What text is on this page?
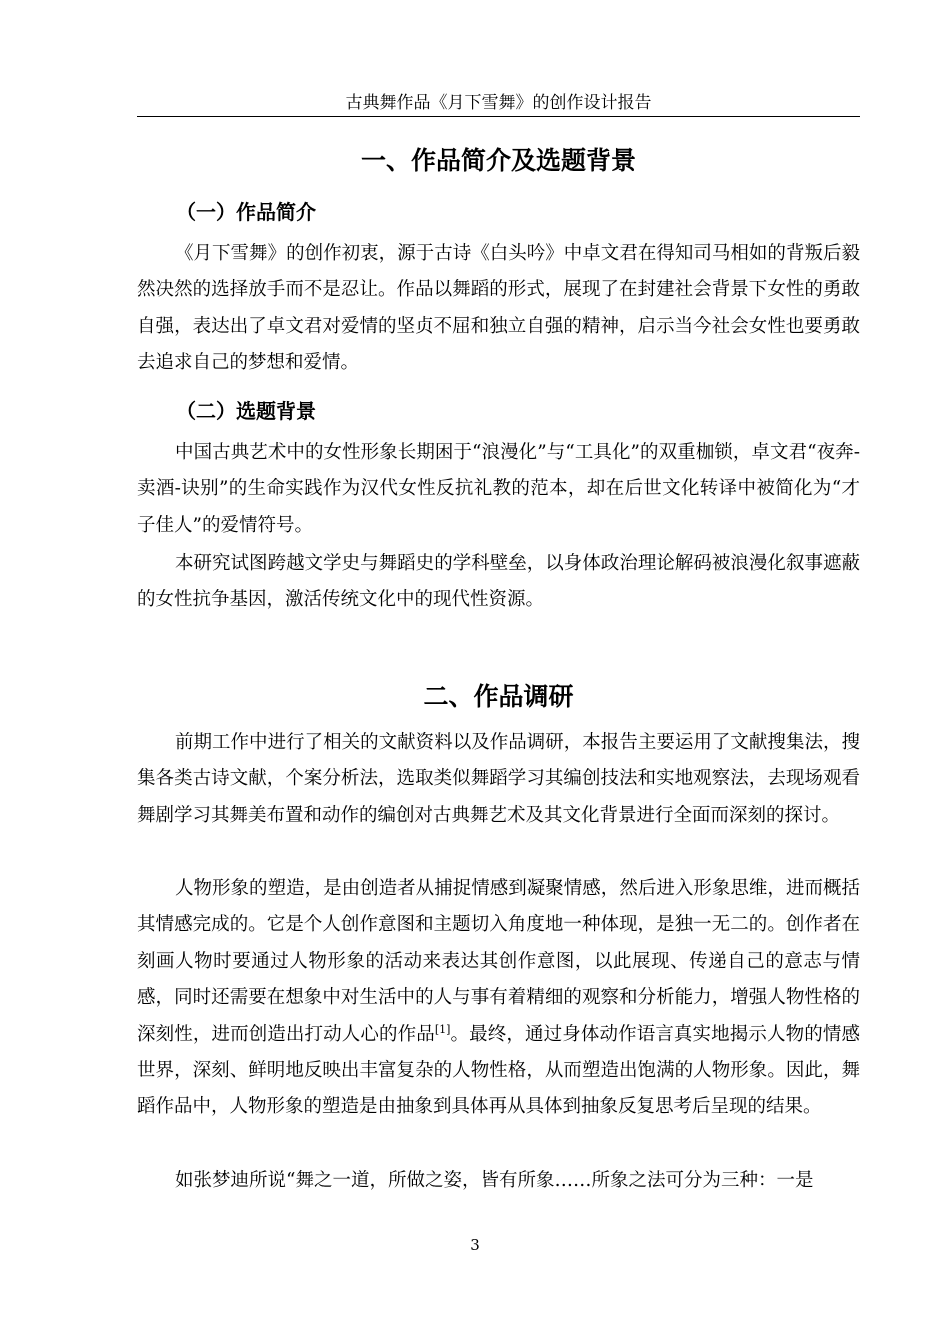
古典舞作品《月下雪舞》的创作设计报告
一、作品简介及选题背景
（一）作品简介
《月下雪舞》的创作初衷，源于古诗《白头吟》中卓文君在得知司马相如的背叛后毅然决然的选择放手而不是忍让。作品以舞蹈的形式，展现了在封建社会背景下女性的勇敢自强，表达出了卓文君对爱情的坚贞不屈和独立自强的精神，启示当今社会女性也要勇敢去追求自己的梦想和爱情。
（二）选题背景
中国古典艺术中的女性形象长期困于“浪漫化”与“工具化”的双重枷锁，卓文君“夜奔-卖酒-诀别”的生命实践作为汉代女性反抗礼教的范本，却在后世文化转译中被简化为“才子佳人”的爱情符号。
本研究试图跨越文学史与舞蹈史的学科壁垒，以身体政治理论解码被浪漫化叙事遮蔽的女性抗争基因，激活传统文化中的现代性资源。
二、作品调研
前期工作中进行了相关的文献资料以及作品调研，本报告主要运用了文献搜集法，搜集各类古诗文献，个案分析法，选取类似舞蹈学习其编创技法和实地观察法，去现场观看舞剧学习其舞美布置和动作的编创对古典舞艺术及其文化背景进行全面而深刻的探讨。
人物形象的塑造，是由创造者从捕捉情感到凝聚情感，然后进入形象思维，进而概括其情感完成的。它是个人创作意图和主题切入角度地一种体现，是独一无二的。创作者在刻画人物时要通过人物形象的活动来表达其创作意图，以此展现、传递自己的意志与情感，同时还需要在想象中对生活中的人与事有着精细的观察和分析能力，增强人物性格的深刻性，进而创造出打动人心的作品[1]。最终，通过身体动作语言真实地揭示人物的情感世界，深刻、鲜明地反映出丰富复杂的人物性格，从而塑造出饱满的人物形象。因此，舞蹈作品中，人物形象的塑造是由抽象到具体再从具体到抽象反复思考后呈现的结果。
如张梦迪所说“舞之一道，所做之姿，皆有所象……所象之法可分为三种：一是
3
